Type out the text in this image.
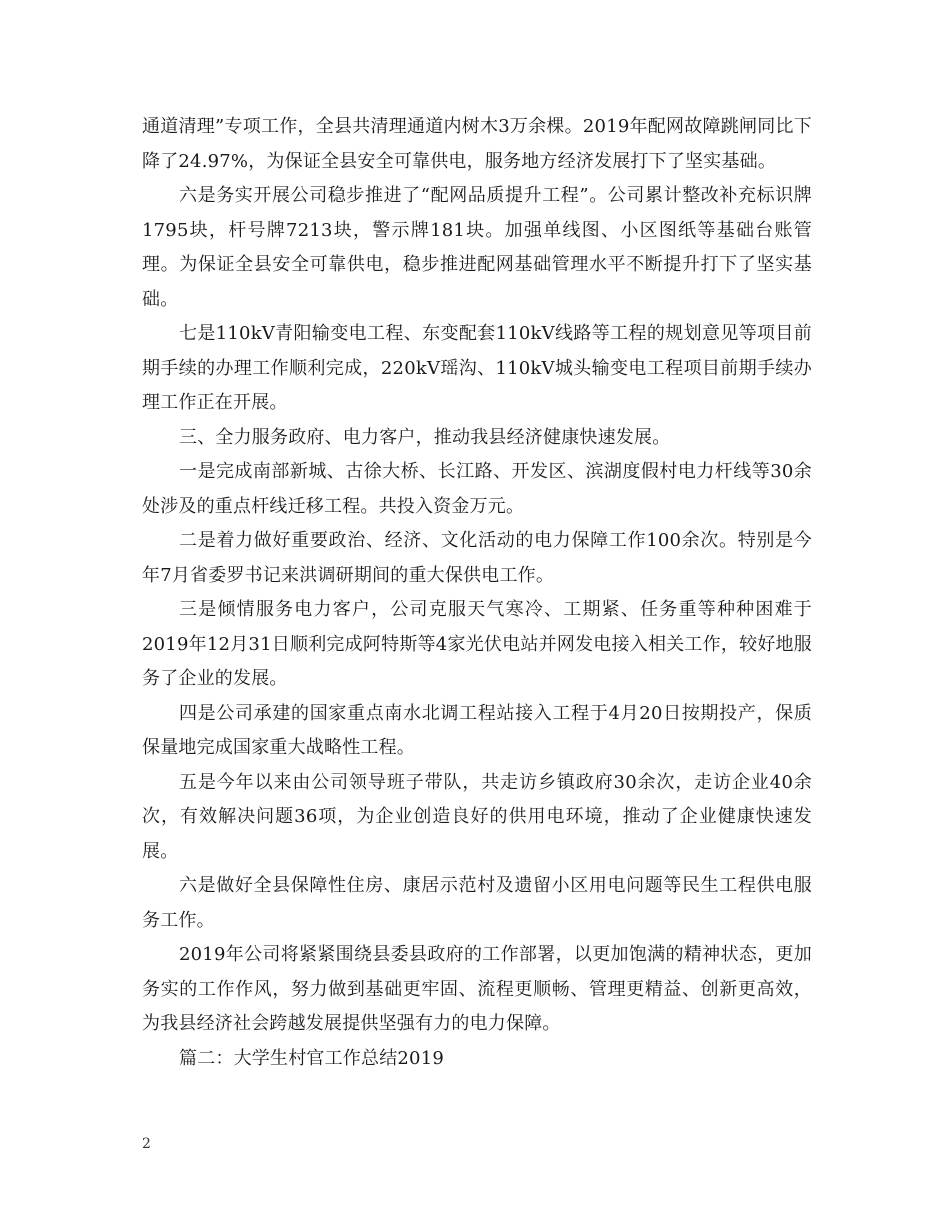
通道清理”专项工作，全县共清理通道内树木3万余棵。2019年配网故障跳闸同比下降了24.97%，为保证全县安全可靠供电，服务地方经济发展打下了坚实基础。

六是务实开展公司稳步推进了“配网品质提升工程”。公司累计整改补充标识牌1795块，杆号牌7213块，警示牌181块。加强单线图、小区图纸等基础台账管理。为保证全县安全可靠供电，稳步推进配网基础管理水平不断提升打下了坚实基础。

七是110kV青阳输变电工程、东变配套110kV线路等工程的规划意见等项目前期手续的办理工作顺利完成，220kV瑶沟、110kV城头输变电工程项目前期手续办理工作正在开展。

三、全力服务政府、电力客户，推动我县经济健康快速发展。

一是完成南部新城、古徐大桥、长江路、开发区、滨湖度假村电力杆线等30余处涉及的重点杆线迁移工程。共投入资金万元。

二是着力做好重要政治、经济、文化活动的电力保障工作100余次。特别是今年7月省委罗书记来洪调研期间的重大保供电工作。

三是倾情服务电力客户，公司克服天气寒冷、工期紧、任务重等种种困难于2019年12月31日顺利完成阿特斯等4家光伏电站并网发电接入相关工作，较好地服务了企业的发展。

四是公司承建的国家重点南水北调工程站接入工程于4月20日按期投产，保质保量地完成国家重大战略性工程。

五是今年以来由公司领导班子带队，共走访乡镇政府30余次，走访企业40余次，有效解决问题36项，为企业创造良好的供用电环境，推动了企业健康快速发展。

六是做好全县保障性住房、康居示范村及遗留小区用电问题等民生工程供电服务工作。

2019年公司将紧紧围绕县委县政府的工作部署，以更加饱满的精神状态，更加务实的工作作风，努力做到基础更牢固、流程更顺畅、管理更精益、创新更高效，为我县经济社会跨越发展提供坚强有力的电力保障。

篇二：大学生村官工作总结2019

2
